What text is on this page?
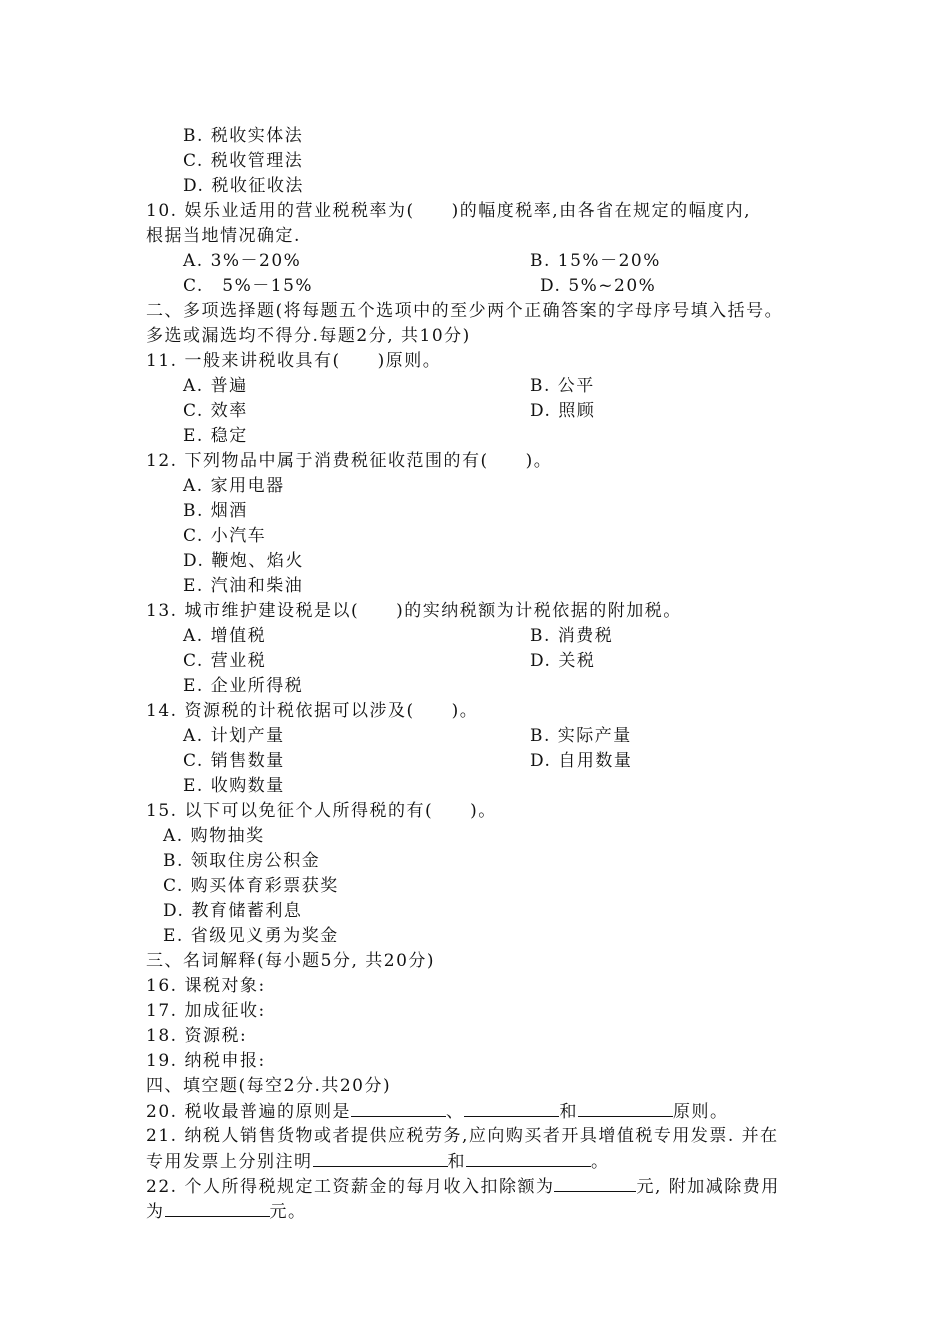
B. 税收实体法
C. 税收管理法
D. 税收征收法
10. 娱乐业适用的营业税税率为(　　)的幅度税率,由各省在规定的幅度内,
根据当地情况确定.
A. 3%－20%	B. 15%－20%
C.　5%－15%	D. 5%~20%
二、多项选择题(将每题五个选项中的至少两个正确答案的字母序号填入括号。
多选或漏选均不得分.每题2分, 共10分)
11. 一般来讲税收具有(　　)原则。
A. 普遍	B. 公平
C. 效率	D. 照顾
E. 稳定
12. 下列物品中属于消费税征收范围的有(　　)。
A. 家用电器
B. 烟酒
C. 小汽车
D. 鞭炮、焰火
E. 汽油和柴油
13. 城市维护建设税是以(　　)的实纳税额为计税依据的附加税。
A. 增值税	B. 消费税
C. 营业税	D. 关税
E. 企业所得税
14. 资源税的计税依据可以涉及(　　)。
A. 计划产量	B. 实际产量
C. 销售数量	D. 自用数量
E. 收购数量
15. 以下可以免征个人所得税的有(　　)。
A. 购物抽奖
B. 领取住房公积金
C. 购买体育彩票获奖
D. 教育储蓄利息
E. 省级见义勇为奖金
三、名词解释(每小题5分, 共20分)
16. 课税对象:
17. 加成征收:
18. 资源税:
19. 纳税申报:
四、填空题(每空2分.共20分)
20. 税收最普遍的原则是	、	和	原则。
21. 纳税人销售货物或者提供应税劳务,应向购买者开具增值税专用发票. 并在
专用发票上分别注明	和	。
22. 个人所得税规定工资薪金的每月收入扣除额为	元, 附加减除费用
为	元。
